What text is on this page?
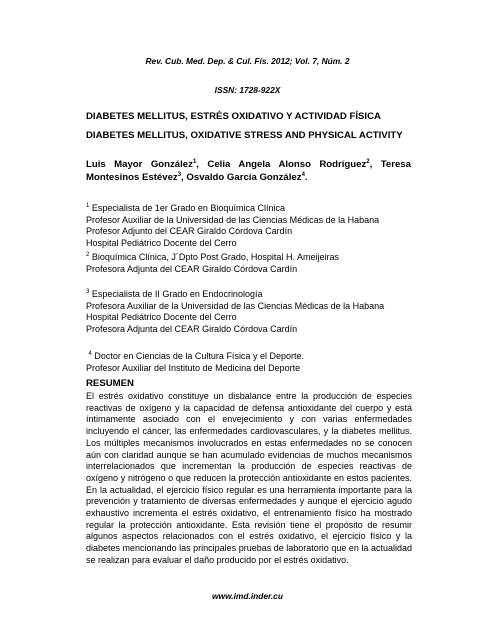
Rev. Cub. Med. Dep. & Cul. Fís. 2012; Vol. 7, Núm. 2
ISSN: 1728-922X
DIABETES MELLITUS, ESTRÉS OXIDATIVO Y ACTIVIDAD FÍSICA
DIABETES MELLITUS, OXIDATIVE STRESS AND PHYSICAL ACTIVITY
Luis Mayor González$^1$, Celia Angela Alonso Rodríguez$^2$, Teresa Montesinos Estévez$^3$, Osvaldo García González$^4$.

$^1$ Especialista de 1er Grado en Bioquímica Clínica

Profesor Auxiliar de la Universidad de las Ciencias Médicas de la Habana

Profesor Adjunto del CEAR Giraldo Córdova Cardín

Hospital Pediátrico Docente del Cerro

$^2$ Bioquímica Clínica, J´Dpto Post Grado, Hospital H. Ameijeiras

Profesora Adjunta del CEAR Giraldo Córdova Cardín

$^3$ Especialista de II Grado en Endocrinología

Profesora Auxiliar de la Universidad de las Ciencias Médicas de la Habana

Hospital Pediátrico Docente del Cerro

Profesora Adjunta del CEAR Giraldo Córdova Cardín

$^4$ Doctor en Ciencias de la Cultura Física y el Deporte.

Profesor Auxiliar del Instituto de Medicina del Deporte

RESUMEN
El estrés oxidativo constituye un disbalance entre la producción de especies reactivas de oxígeno y la capacidad de defensa antioxidante del cuerpo y está íntimamente asociado con el envejecimiento y con varias enfermedades incluyendo el cáncer, las enfermedades cardiovasculares, y la diabetes mellitus. Los múltiples mecanismos involucrados en estas enfermedades no se conocen aún con claridad aunque se han acumulado evidencias de muchos mecanismos interrelacionados que incrementan la producción de especies reactivas de oxígeno y nitrógeno o que reducen la protección antioxidante en estos pacientes. En la actualidad, el ejercicio físico regular es una herramienta importante para la prevención y tratamiento de diversas enfermedades y aunque el ejercicio agudo exhaustivo incrementa el estrés oxidativo, el entrenamiento físico ha mostrado regular la protección antioxidante. Esta revisión tiene el propósito de resumir algunos aspectos relacionados con el estrés oxidativo, el ejercicio físico y la diabetes mencionando las principales pruebas de laboratorio que en la actualidad se realizan para evaluar el daño producido por el estrés oxidativo.
www.imd.inder.cu
